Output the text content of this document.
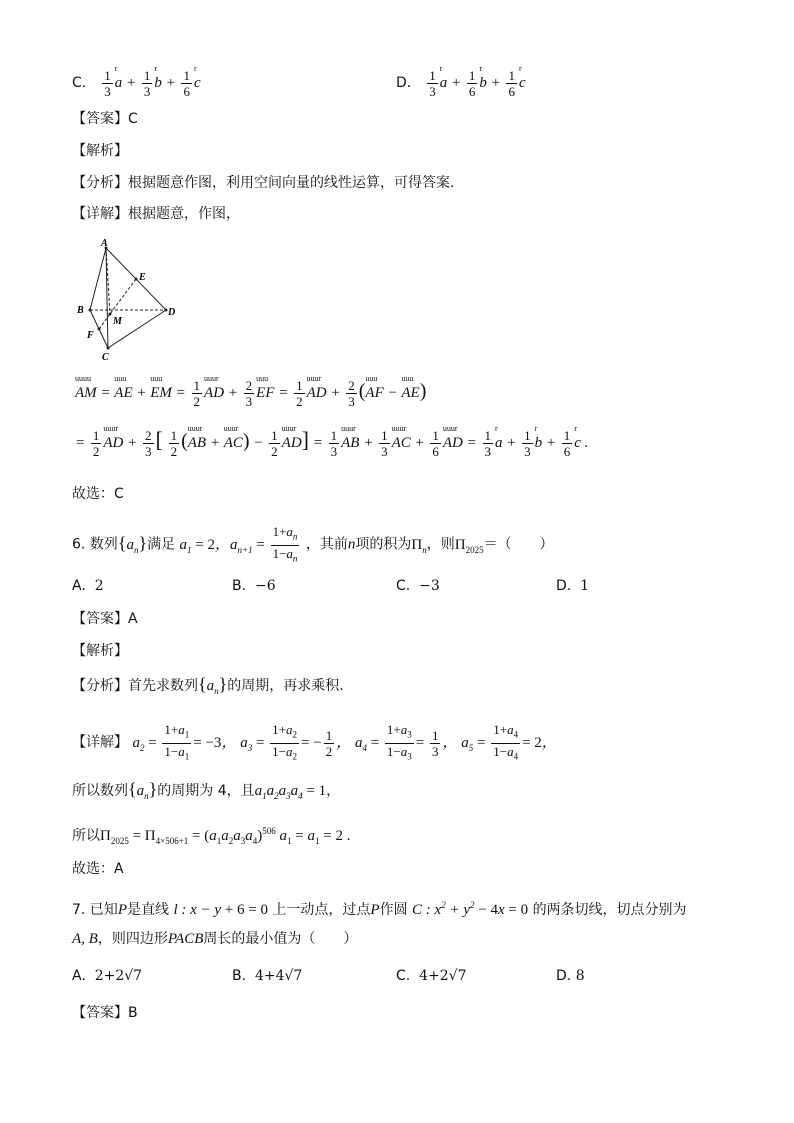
C． $\frac{1}{3}$ a
r
+ $\frac{1}{3}$ b
r
+ $\frac{1}{6}$ c
r
D． $\frac{1}{3}$ a
r
+ $\frac{1}{6}$ b
r
+ $\frac{1}{6}$ c
r
【答案】C
【解析】
【分析】根据题意作图，利用空间向量的线性运算，可得答案.
【详解】根据题意，作图，
A
E
B	D
M
F
C
AM
uuuu
= AE
uuu
+ EM
uuu
= $\frac{1}{2}$ AD
uuur
+ $\frac{2}{3}$ EF
uuu
= $\frac{1}{2}$ AD
uuur
+ $\frac{2}{3} (AF$
uuu
− AE
uuu
)
= $\frac{1}{2}$ AD
uuur
+ $\frac{2}{3}$ [ $\frac{1}{2} (AB$
uuur
+ AC
uuur
) − $\frac{1}{2}$ AD
uuur ] = $\frac{1}{3}$ AB
uuur
+ $\frac{1}{3}$ AC
uuur
+ $\frac{1}{6}$ AD
uuur
= $\frac{1}{3}$ a
r
+ $\frac{1}{3}$ b
r
+ $\frac{1}{6}$ c
r
.
故选：C
6. 数列$\{a_n\}$满足 $a_1 = 2$，$a_{n+1} = \frac{1+a_n}{1-a_n}$ ，其前n项的积为$\Pi_n$，则$\Pi_{2025}=$（　　）
A. 2	B. −6	C. −3	D. 1
【答案】A
【解析】
【分析】首先求数列$\{a_n\}$的周期，再求乘积.
【详解】 $a_2 = \frac{1+a_1}{1-a_1} = -3$， $a_3 = \frac{1+a_2}{1-a_2}$ = − $\frac{1}{2}$ ， $a_4 = \frac{1+a_3}{1-a_3} = \frac{1}{3}$ ， $a_5 = \frac{1+a_4}{1-a_4} = 2$，
所以数列$\{a_n\}$的周期为 4，且$a_1a_2a_3a_4 = 1$，
所以$\Pi_{2025} = \Pi_{4\times 506+1} = (a_1a_2a_3a_4)^{506}$ $a_1 = a_1 = 2$ .
故选：A
7. 已知P是直线 l : x − y + 6 = 0 上一动点，过点P作圆 C : $x^2 + y^2 - 4x = 0$ 的两条切线，切点分别为
A, B，则四边形PACB周长的最小值为（　　）
A. 2+2√7	B. 4+4√7	C. 4+2√7	D. 8
【答案】B
